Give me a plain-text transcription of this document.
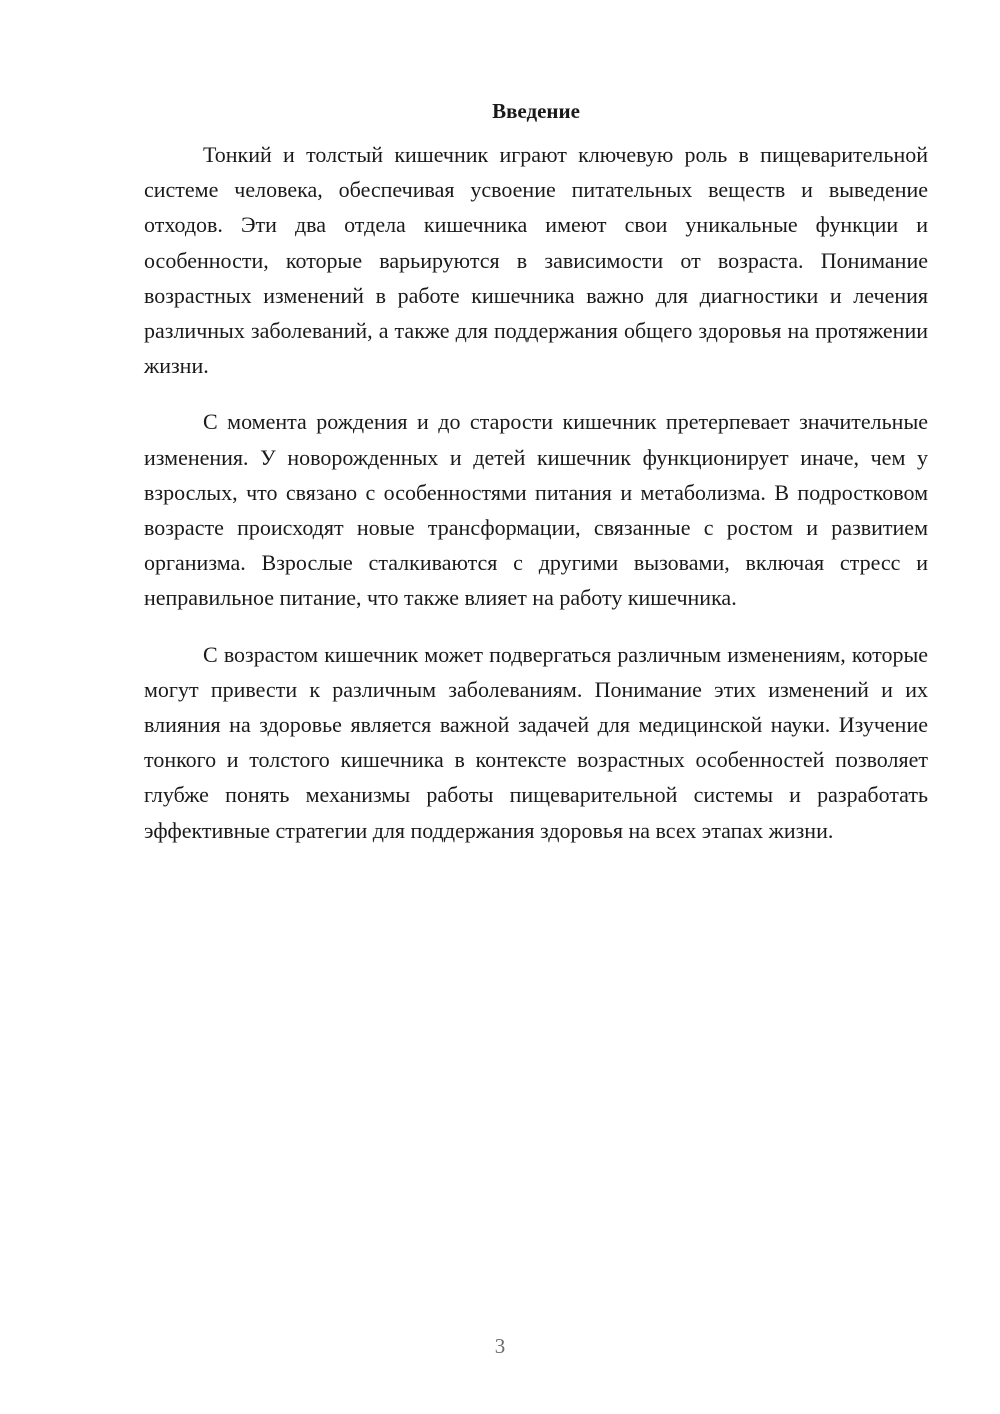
Введение

Тонкий и толстый кишечник играют ключевую роль в пищеварительной системе человека, обеспечивая усвоение питательных веществ и выведение отходов. Эти два отдела кишечника имеют свои уникальные функции и особенности, которые варьируются в зависимости от возраста. Понимание возрастных изменений в работе кишечника важно для диагностики и лечения различных заболеваний, а также для поддержания общего здоровья на протяжении жизни.

С момента рождения и до старости кишечник претерпевает значительные изменения. У новорожденных и детей кишечник функционирует иначе, чем у взрослых, что связано с особенностями питания и метаболизма. В подростковом возрасте происходят новые трансформации, связанные с ростом и развитием организма. Взрослые сталкиваются с другими вызовами, включая стресс и неправильное питание, что также влияет на работу кишечника.

С возрастом кишечник может подвергаться различным изменениям, которые могут привести к различным заболеваниям. Понимание этих изменений и их влияния на здоровье является важной задачей для медицинской науки. Изучение тонкого и толстого кишечника в контексте возрастных особенностей позволяет глубже понять механизмы работы пищеварительной системы и разработать эффективные стратегии для поддержания здоровья на всех этапах жизни.

3
